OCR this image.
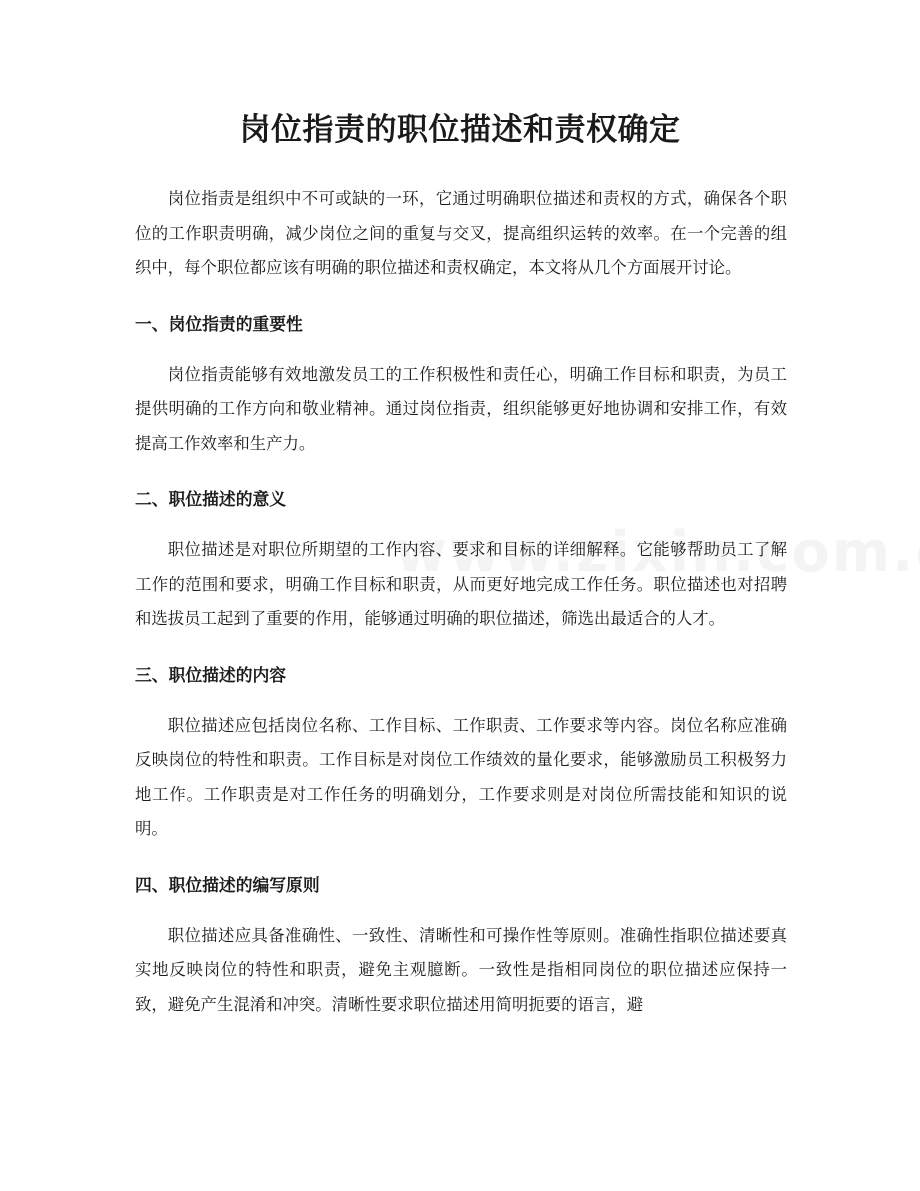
岗位指责的职位描述和责权确定

岗位指责是组织中不可或缺的一环，它通过明确职位描述和责权的方式，确保各个职位的工作职责明确，减少岗位之间的重复与交叉，提高组织运转的效率。在一个完善的组织中，每个职位都应该有明确的职位描述和责权确定，本文将从几个方面展开讨论。

一、岗位指责的重要性

岗位指责能够有效地激发员工的工作积极性和责任心，明确工作目标和职责，为员工提供明确的工作方向和敬业精神。通过岗位指责，组织能够更好地协调和安排工作，有效提高工作效率和生产力。

二、职位描述的意义

职位描述是对职位所期望的工作内容、要求和目标的详细解释。它能够帮助员工了解工作的范围和要求，明确工作目标和职责，从而更好地完成工作任务。职位描述也对招聘和选拔员工起到了重要的作用，能够通过明确的职位描述，筛选出最适合的人才。

三、职位描述的内容

职位描述应包括岗位名称、工作目标、工作职责、工作要求等内容。岗位名称应准确反映岗位的特性和职责。工作目标是对岗位工作绩效的量化要求，能够激励员工积极努力地工作。工作职责是对工作任务的明确划分，工作要求则是对岗位所需技能和知识的说明。

四、职位描述的编写原则

职位描述应具备准确性、一致性、清晰性和可操作性等原则。准确性指职位描述要真实地反映岗位的特性和职责，避免主观臆断。一致性是指相同岗位的职位描述应保持一致，避免产生混淆和冲突。清晰性要求职位描述用简明扼要的语言，避
